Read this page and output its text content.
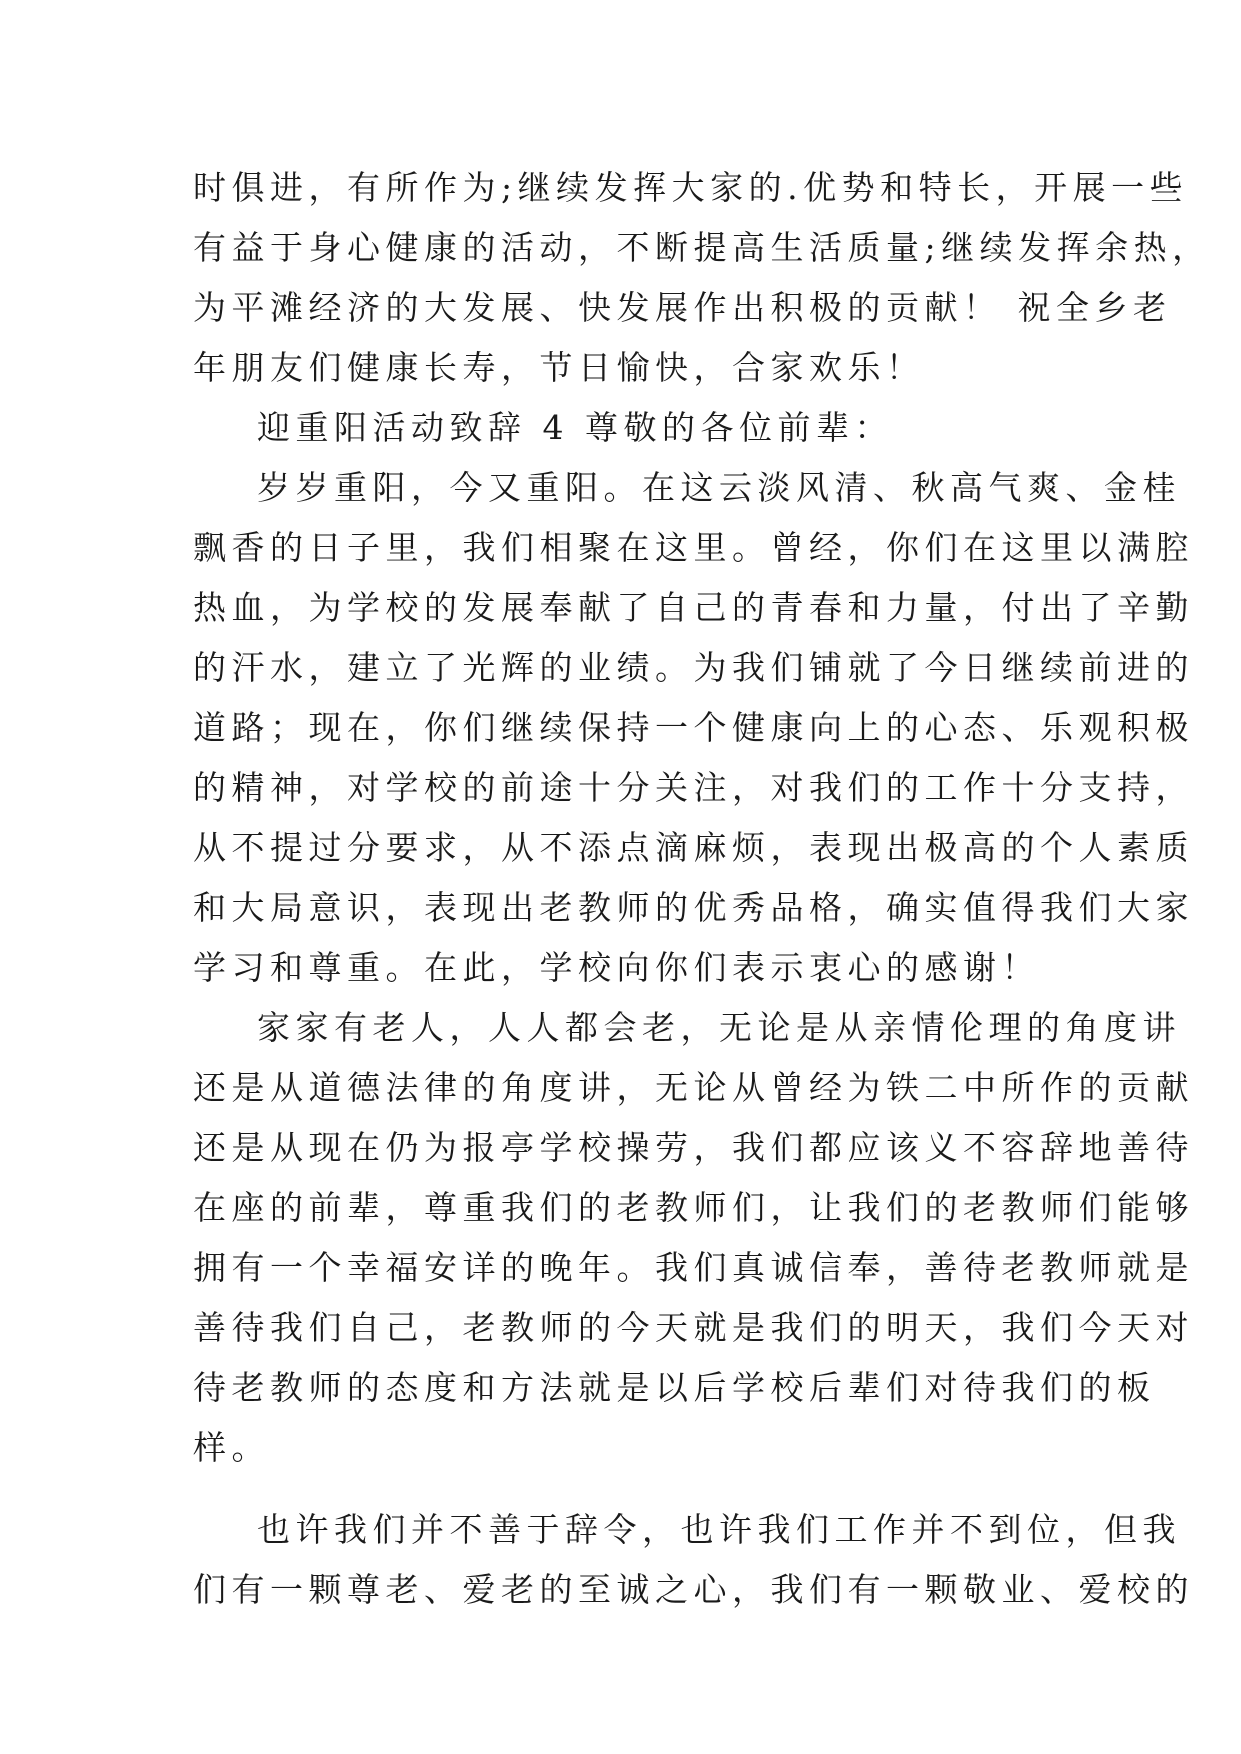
时俱进，有所作为;继续发挥大家的.优势和特长，开展一些
有益于身心健康的活动，不断提高生活质量;继续发挥余热，
为平滩经济的大发展、快发展作出积极的贡献！ 祝全乡老
年朋友们健康长寿，节日愉快，合家欢乐！
迎重阳活动致辞 4 尊敬的各位前辈：
岁岁重阳，今又重阳。在这云淡风清、秋高气爽、金桂
飘香的日子里，我们相聚在这里。曾经，你们在这里以满腔
热血，为学校的发展奉献了自己的青春和力量，付出了辛勤
的汗水，建立了光辉的业绩。为我们铺就了今日继续前进的
道路；现在，你们继续保持一个健康向上的心态、乐观积极
的精神，对学校的前途十分关注，对我们的工作十分支持，
从不提过分要求，从不添点滴麻烦，表现出极高的个人素质
和大局意识，表现出老教师的优秀品格，确实值得我们大家
学习和尊重。在此，学校向你们表示衷心的感谢！
家家有老人，人人都会老，无论是从亲情伦理的角度讲
还是从道德法律的角度讲，无论从曾经为铁二中所作的贡献
还是从现在仍为报亭学校操劳，我们都应该义不容辞地善待
在座的前辈，尊重我们的老教师们，让我们的老教师们能够
拥有一个幸福安详的晚年。我们真诚信奉，善待老教师就是
善待我们自己，老教师的今天就是我们的明天，我们今天对
待老教师的态度和方法就是以后学校后辈们对待我们的板
样。
也许我们并不善于辞令，也许我们工作并不到位，但我
们有一颗尊老、爱老的至诚之心，我们有一颗敬业、爱校的
